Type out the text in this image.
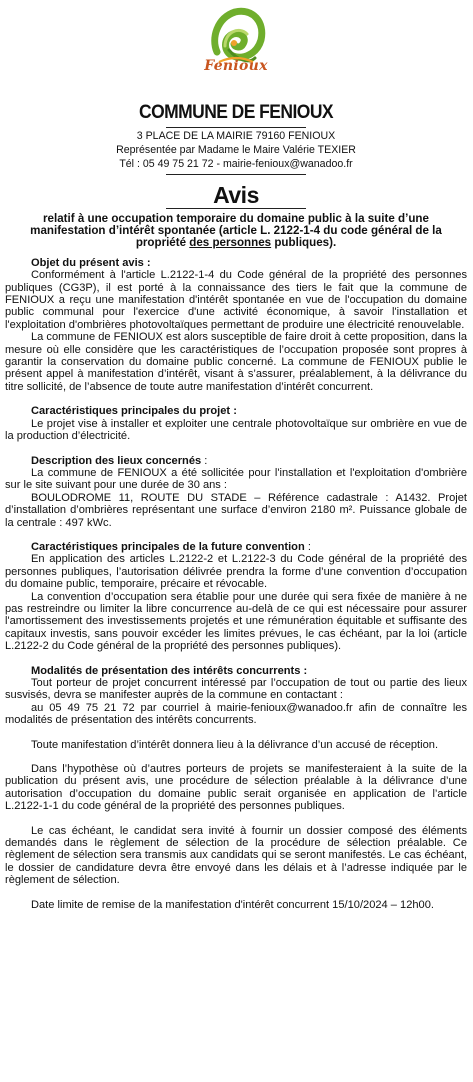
Fenioux
COMMUNE DE FENIOUX
3 PLACE DE LA MAIRIE 79160 FENIOUX
Représentée par Madame le Maire Valérie TEXIER
Tél : 05 49 75 21 72 - mairie-fenioux@wanadoo.fr
Avis
relatif à une occupation temporaire du domaine public à la suite d’une manifestation d’intérêt spontanée (article L. 2122-1-4 du code général de la propriété des personnes publiques).
Objet du présent avis :

Conformément à l'article L.2122-1-4 du Code général de la propriété des personnes publiques (CG3P), il est porté à la connaissance des tiers le fait que la commune de FENIOUX a reçu une manifestation d'intérêt spontanée en vue de l'occupation du domaine public communal pour l'exercice d'une activité économique, à savoir l'installation et l'exploitation d'ombrières photovoltaïques permettant de produire une électricité renouvelable.

La commune de FENIOUX est alors susceptible de faire droit à cette proposition, dans la mesure où elle considère que les caractéristiques de l’occupation proposée sont propres à garantir la conservation du domaine public concerné. La commune de FENIOUX publie le présent appel à manifestation d’intérêt, visant à s’assurer, préalablement, à la délivrance du titre sollicité, de l’absence de toute autre manifestation d’intérêt concurrent.

Caractéristiques principales du projet :

Le projet vise à installer et exploiter une centrale photovoltaïque sur ombrière en vue de la production d’électricité.

Description des lieux concernés :

La commune de FENIOUX a été sollicitée pour l'installation et l'exploitation d'ombrière sur le site suivant pour une durée de 30 ans :

BOULODROME 11, ROUTE DU STADE – Référence cadastrale : A1432. Projet d’installation d’ombrières représentant une surface d’environ 2180 m². Puissance globale de la centrale : 497 kWc.

Caractéristiques principales de la future convention :

En application des articles L.2122-2 et L.2122-3 du Code général de la propriété des personnes publiques, l’autorisation délivrée prendra la forme d’une convention d’occupation du domaine public, temporaire, précaire et révocable.

La convention d’occupation sera établie pour une durée qui sera fixée de manière à ne pas restreindre ou limiter la libre concurrence au-delà de ce qui est nécessaire pour assurer l'amortissement des investissements projetés et une rémunération équitable et suffisante des capitaux investis, sans pouvoir excéder les limites prévues, le cas échéant, par la loi (article L.2122-2 du Code général de la propriété des personnes publiques).

Modalités de présentation des intérêts concurrents :

Tout porteur de projet concurrent intéressé par l’occupation de tout ou partie des lieux susvisés, devra se manifester auprès de la commune en contactant :

au 05 49 75 21 72 par courriel à mairie-fenioux@wanadoo.fr afin de connaître les modalités de présentation des intérêts concurrents.

Toute manifestation d’intérêt donnera lieu à la délivrance d’un accusé de réception.

Dans l’hypothèse où d’autres porteurs de projets se manifesteraient à la suite de la publication du présent avis, une procédure de sélection préalable à la délivrance d’une autorisation d’occupation du domaine public serait organisée en application de l’article L.2122-1-1 du code général de la propriété des personnes publiques.

Le cas échéant, le candidat sera invité à fournir un dossier composé des éléments demandés dans le règlement de sélection de la procédure de sélection préalable. Ce règlement de sélection sera transmis aux candidats qui se seront manifestés. Le cas échéant, le dossier de candidature devra être envoyé dans les délais et à l’adresse indiquée par le règlement de sélection.

Date limite de remise de la manifestation d'intérêt concurrent 15/10/2024 – 12h00.
